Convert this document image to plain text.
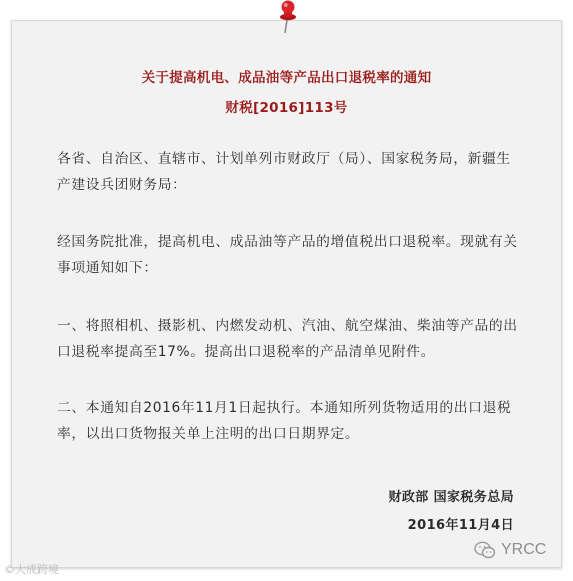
关于提高机电、成品油等产品出口退税率的通知
财税[2016]113号
各省、自治区、直辖市、计划单列市财政厅（局）、国家税务局，新疆生产建设兵团财务局：
经国务院批准，提高机电、成品油等产品的增值税出口退税率。现就有关事项通知如下：
一、将照相机、摄影机、内燃发动机、汽油、航空煤油、柴油等产品的出口退税率提高至17%。提高出口退税率的产品清单见附件。
二、本通知自2016年11月1日起执行。本通知所列货物适用的出口退税率，以出口货物报关单上注明的出口日期界定。
财政部 国家税务总局
2016年11月4日
©大成跨境
YRCC
